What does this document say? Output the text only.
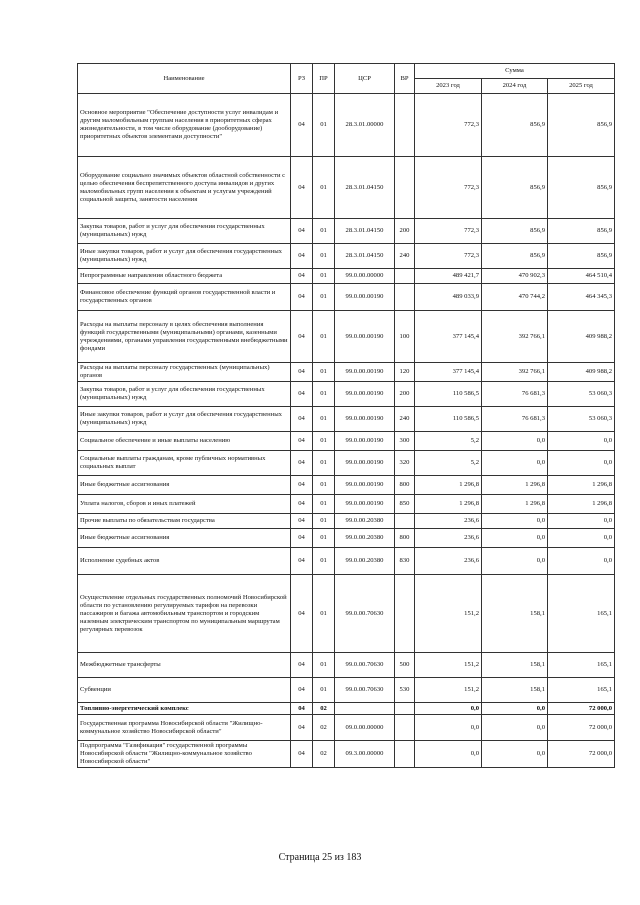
Наименование	РЗ	ПР	ЦСР	ВР	Сумма		
					2023 год	2024 год	2025 год
Основное мероприятие "Обеспечение доступности услуг инвалидам и другим маломобильным группам населения в приоритетных сферах жизнедеятельности, в том числе оборудование (дооборудование) приоритетных объектов элементами доступности"	04	01	28.3.01.00000		772,3	856,9	856,9
Оборудование социально значимых объектов областной собственности с целью обеспечения беспрепятственного доступа инвалидов и других маломобильных групп населения к объектам и услугам учреждений социальной защиты, занятости населения	04	01	28.3.01.04150		772,3	856,9	856,9
Закупка товаров, работ и услуг для обеспечения государственных (муниципальных) нужд	04	01	28.3.01.04150	200	772,3	856,9	856,9
Иные закупки товаров, работ и услуг для обеспечения государственных (муниципальных) нужд	04	01	28.3.01.04150	240	772,3	856,9	856,9
Непрограммные направления областного бюджета	04	01	99.0.00.00000		489 421,7	470 902,3	464 510,4
Финансовое обеспечение функций органов государственной власти и государственных органов	04	01	99.0.00.00190		489 033,9	470 744,2	464 345,3
Расходы на выплаты персоналу в целях обеспечения выполнения функций государственными (муниципальными) органами, казенными учреждениями, органами управления государственными внебюджетными фондами	04	01	99.0.00.00190	100	377 145,4	392 766,1	409 988,2
Расходы на выплаты персоналу государственных (муниципальных) органов	04	01	99.0.00.00190	120	377 145,4	392 766,1	409 988,2
Закупка товаров, работ и услуг для обеспечения государственных (муниципальных) нужд	04	01	99.0.00.00190	200	110 586,5	76 681,3	53 060,3
Иные закупки товаров, работ и услуг для обеспечения государственных (муниципальных) нужд	04	01	99.0.00.00190	240	110 586,5	76 681,3	53 060,3
Социальное обеспечение и иные выплаты населению	04	01	99.0.00.00190	300	5,2	0,0	0,0
Социальные выплаты гражданам, кроме публичных нормативных социальных выплат	04	01	99.0.00.00190	320	5,2	0,0	0,0
Иные бюджетные ассигнования	04	01	99.0.00.00190	800	1 296,8	1 296,8	1 296,8
Уплата налогов, сборов и иных платежей	04	01	99.0.00.00190	850	1 296,8	1 296,8	1 296,8
Прочие выплаты по обязательствам государства	04	01	99.0.00.20380		236,6	0,0	0,0
Иные бюджетные ассигнования	04	01	99.0.00.20380	800	236,6	0,0	0,0
Исполнение судебных актов	04	01	99.0.00.20380	830	236,6	0,0	0,0
Осуществление отдельных государственных полномочий Новосибирской области по установлению регулируемых тарифов на перевозки пассажиров и багажа автомобильным транспортом и городским наземным электрическим транспортом по муниципальным маршрутам регулярных перевозок	04	01	99.0.00.70630		151,2	158,1	165,1
Межбюджетные трансферты	04	01	99.0.00.70630	500	151,2	158,1	165,1
Субвенции	04	01	99.0.00.70630	530	151,2	158,1	165,1
Топливно-энергетический комплекс	04	02			0,0	0,0	72 000,0
Государственная программа Новосибирской области "Жилищно-коммунальное хозяйство Новосибирской области"	04	02	09.0.00.00000		0,0	0,0	72 000,0
Подпрограмма "Газификация" государственной программы Новосибирской области "Жилищно-коммунальное хозяйство Новосибирской области"	04	02	09.3.00.00000		0,0	0,0	72 000,0
Страница 25 из 183
